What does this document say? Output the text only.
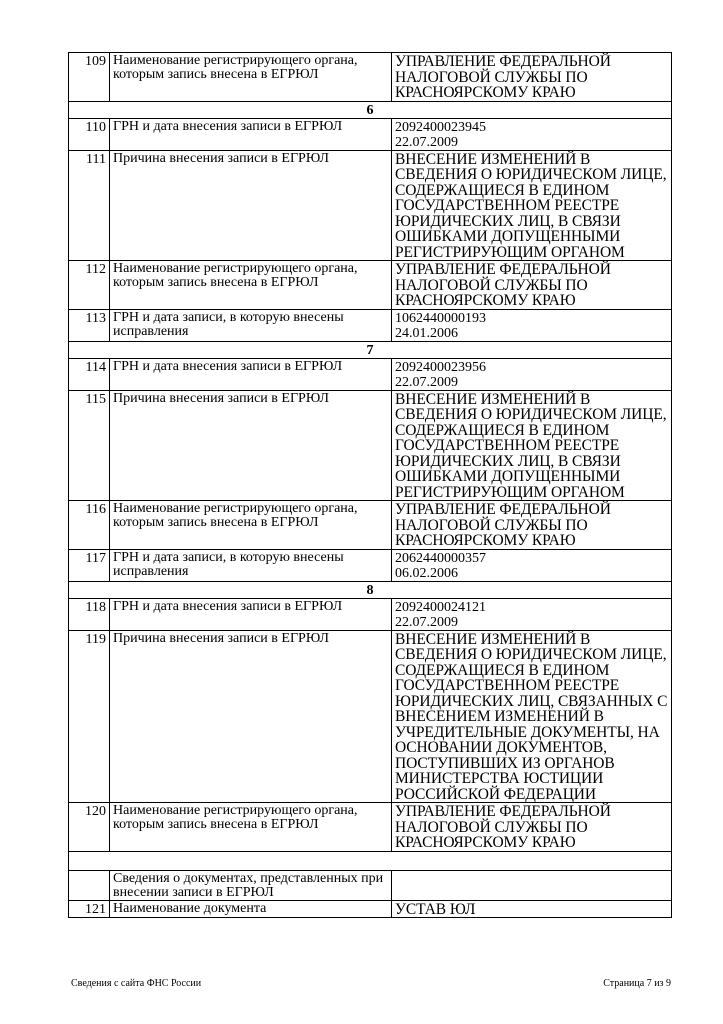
109	Наименование регистрирующего органа, которым запись внесена в ЕГРЮЛ	УПРАВЛЕНИЕ ФЕДЕРАЛЬНОЙ НАЛОГОВОЙ СЛУЖБЫ ПО КРАСНОЯРСКОМУ КРАЮ

6		
110	ГРН и дата внесения записи в ЕГРЮЛ	2092400023945
22.07.2009

111	Причина внесения записи в ЕГРЮЛ	ВНЕСЕНИЕ ИЗМЕНЕНИЙ В СВЕДЕНИЯ О ЮРИДИЧЕСКОМ ЛИЦЕ, СОДЕРЖАЩИЕСЯ В ЕДИНОМ ГОСУДАРСТВЕННОМ РЕЕСТРЕ ЮРИДИЧЕСКИХ ЛИЦ, В СВЯЗИ ОШИБКАМИ ДОПУЩЕННЫМИ РЕГИСТРИРУЮЩИМ ОРГАНОМ

112	Наименование регистрирующего органа, которым запись внесена в ЕГРЮЛ	УПРАВЛЕНИЕ ФЕДЕРАЛЬНОЙ НАЛОГОВОЙ СЛУЖБЫ ПО КРАСНОЯРСКОМУ КРАЮ

113	ГРН и дата записи, в которую внесены исправления	1062440000193
24.01.2006

7		
114	ГРН и дата внесения записи в ЕГРЮЛ	2092400023956
22.07.2009

115	Причина внесения записи в ЕГРЮЛ	ВНЕСЕНИЕ ИЗМЕНЕНИЙ В СВЕДЕНИЯ О ЮРИДИЧЕСКОМ ЛИЦЕ, СОДЕРЖАЩИЕСЯ В ЕДИНОМ ГОСУДАРСТВЕННОМ РЕЕСТРЕ ЮРИДИЧЕСКИХ ЛИЦ, В СВЯЗИ ОШИБКАМИ ДОПУЩЕННЫМИ РЕГИСТРИРУЮЩИМ ОРГАНОМ

116	Наименование регистрирующего органа, которым запись внесена в ЕГРЮЛ	УПРАВЛЕНИЕ ФЕДЕРАЛЬНОЙ НАЛОГОВОЙ СЛУЖБЫ ПО КРАСНОЯРСКОМУ КРАЮ

117	ГРН и дата записи, в которую внесены исправления	2062440000357
06.02.2006

8		
118	ГРН и дата внесения записи в ЕГРЮЛ	2092400024121
22.07.2009

119	Причина внесения записи в ЕГРЮЛ	ВНЕСЕНИЕ ИЗМЕНЕНИЙ В СВЕДЕНИЯ О ЮРИДИЧЕСКОМ ЛИЦЕ, СОДЕРЖАЩИЕСЯ В ЕДИНОМ ГОСУДАРСТВЕННОМ РЕЕСТРЕ ЮРИДИЧЕСКИХ ЛИЦ, СВЯЗАННЫХ С ВНЕСЕНИЕМ ИЗМЕНЕНИЙ В УЧРЕДИТЕЛЬНЫЕ ДОКУМЕНТЫ, НА ОСНОВАНИИ ДОКУМЕНТОВ, ПОСТУПИВШИХ ИЗ ОРГАНОВ МИНИСТЕРСТВА ЮСТИЦИИ РОССИЙСКОЙ ФЕДЕРАЦИИ

120	Наименование регистрирующего органа, которым запись внесена в ЕГРЮЛ	УПРАВЛЕНИЕ ФЕДЕРАЛЬНОЙ НАЛОГОВОЙ СЛУЖБЫ ПО КРАСНОЯРСКОМУ КРАЮ

	Сведения о документах, представленных при внесении записи в ЕГРЮЛ	

121	Наименование документа	УСТАВ ЮЛ
Сведения с сайта ФНС России	Страница 7 из 9
